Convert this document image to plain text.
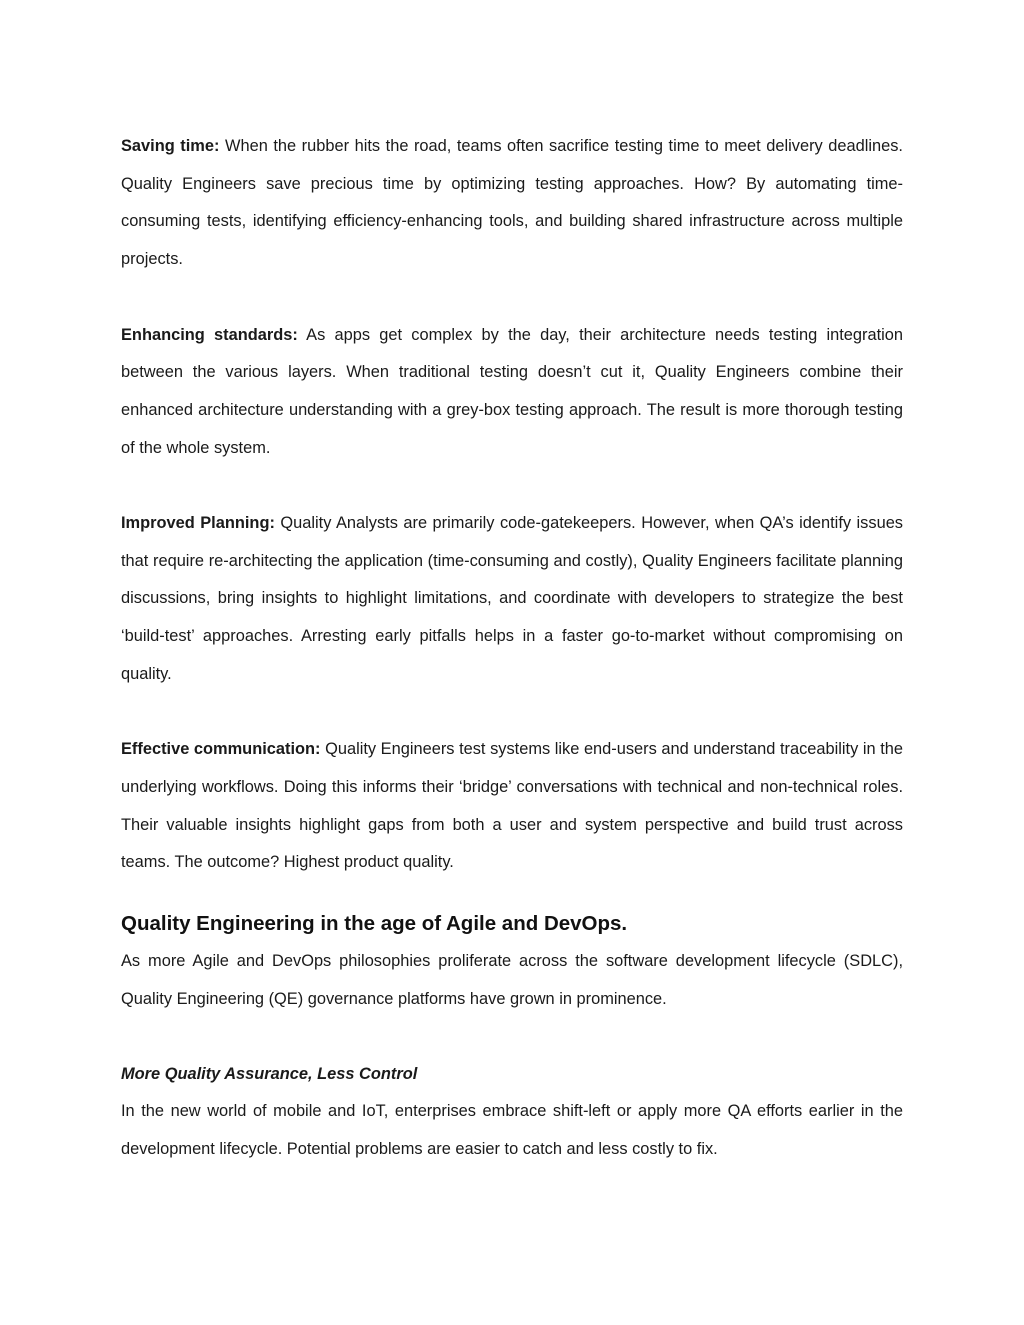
Saving time: When the rubber hits the road, teams often sacrifice testing time to meet delivery deadlines. Quality Engineers save precious time by optimizing testing approaches. How? By automating time-consuming tests, identifying efficiency-enhancing tools, and building shared infrastructure across multiple projects.

Enhancing standards: As apps get complex by the day, their architecture needs testing integration between the various layers. When traditional testing doesn’t cut it, Quality Engineers combine their enhanced architecture understanding with a grey-box testing approach. The result is more thorough testing of the whole system.

Improved Planning: Quality Analysts are primarily code-gatekeepers. However, when QA’s identify issues that require re-architecting the application (time-consuming and costly), Quality Engineers facilitate planning discussions, bring insights to highlight limitations, and coordinate with developers to strategize the best ‘build-test’ approaches. Arresting early pitfalls helps in a faster go-to-market without compromising on quality.

Effective communication: Quality Engineers test systems like end-users and understand traceability in the underlying workflows. Doing this informs their ‘bridge’ conversations with technical and non-technical roles. Their valuable insights highlight gaps from both a user and system perspective and build trust across teams. The outcome? Highest product quality.

Quality Engineering in the age of Agile and DevOps.

As more Agile and DevOps philosophies proliferate across the software development lifecycle (SDLC), Quality Engineering (QE) governance platforms have grown in prominence.

More Quality Assurance, Less Control

In the new world of mobile and IoT, enterprises embrace shift-left or apply more QA efforts earlier in the development lifecycle. Potential problems are easier to catch and less costly to fix.
